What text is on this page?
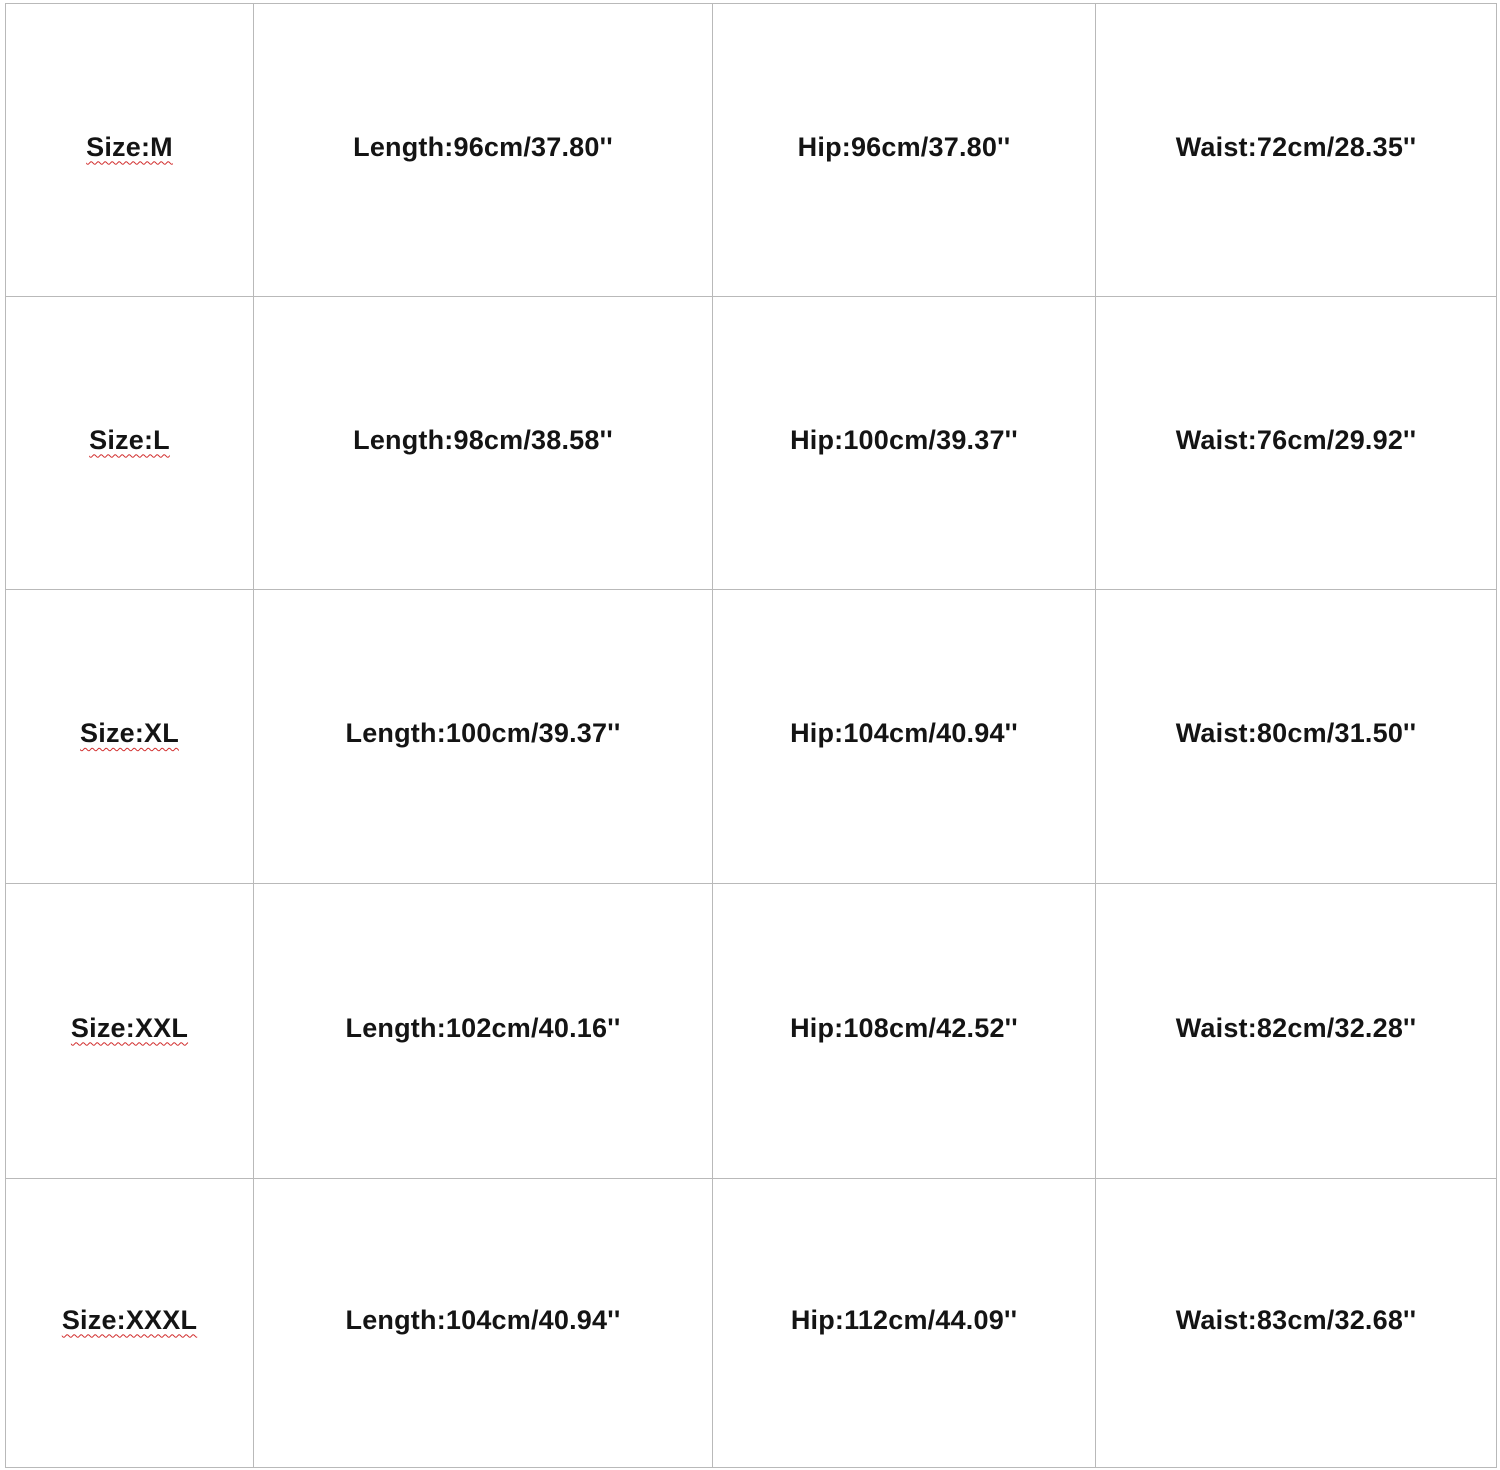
Size:M	Length:96cm/37.80''	Hip:96cm/37.80''	Waist:72cm/28.35''
Size:L	Length:98cm/38.58''	Hip:100cm/39.37''	Waist:76cm/29.92''
Size:XL	Length:100cm/39.37''	Hip:104cm/40.94''	Waist:80cm/31.50''
Size:XXL	Length:102cm/40.16''	Hip:108cm/42.52''	Waist:82cm/32.28''
Size:XXXL	Length:104cm/40.94''	Hip:112cm/44.09''	Waist:83cm/32.68''
